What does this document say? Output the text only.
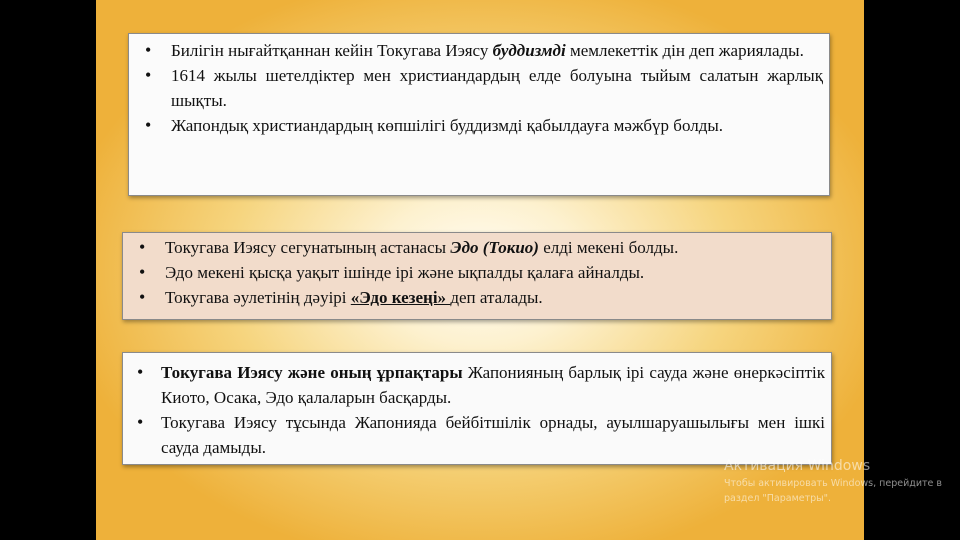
• Билігін нығайтқаннан кейін Токугава Иэясу буддизмді мемлекеттік дін деп жариялады.
• 1614 жылы шетелдіктер мен христиандардың елде болуына тыйым салатын жарлық шықты.
• Жапондық христиандардың көпшілігі буддизмді қабылдауға мәжбүр болды.
• Токугава Иэясу сегунатының астанасы Эдо (Токио) елді мекені болды.
• Эдо мекені қысқа уақыт ішінде ірі және ықпалды қалаға айналды.
• Токугава әулетінің дәуірі «Эдо кезеңі» деп аталады.
• Токугава Иэясу және оның ұрпақтары Жапонияның барлық ірі сауда және өнеркәсіптік Киото, Осака, Эдо қалаларын басқарды.
• Токугава Иэясу тұсында Жапонияда бейбітшілік орнады, ауылшаруашылығы мен ішкі сауда дамыды.
Активация Windows
Чтобы активировать Windows, перейдите в
раздел "Параметры".
